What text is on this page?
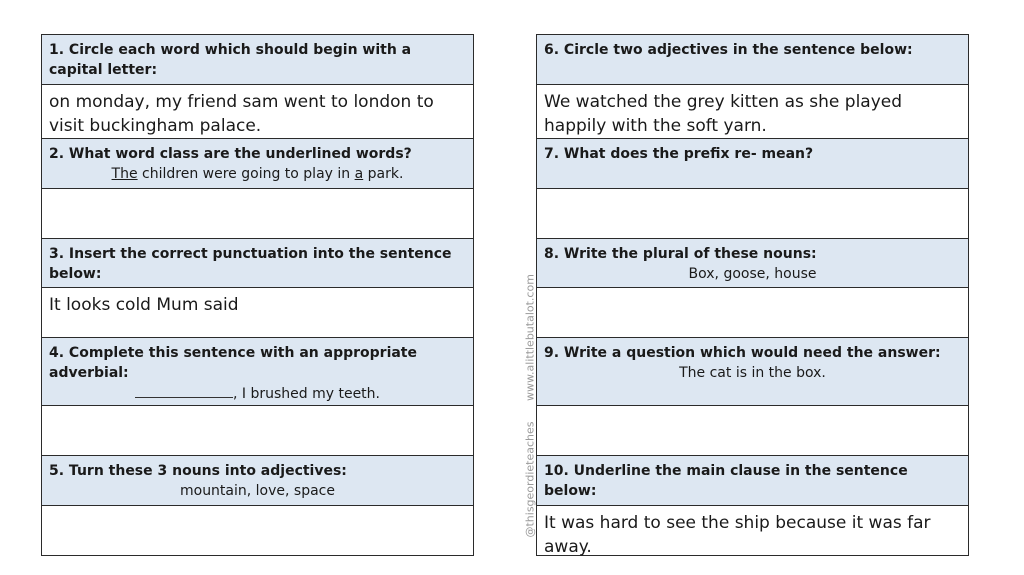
1. Circle each word which should begin with a capital letter:
on monday, my friend sam went to london to visit buckingham palace.
2. What word class are the underlined words?
The children were going to play in a park.
3. Insert the correct punctuation into the sentence below:
It looks cold Mum said
4. Complete this sentence with an appropriate adverbial:
, I brushed my teeth.
5. Turn these 3 nouns into adjectives:
mountain, love, space
6. Circle two adjectives in the sentence below:
We watched the grey kitten as she played happily with the soft yarn.
7. What does the prefix re- mean?
8. Write the plural of these nouns:
Box, goose, house
9. Write a question which would need the answer:
The cat is in the box.
10. Underline the main clause in the sentence below:
It was hard to see the ship because it was far away.
www.alittlebutalot.com
@thisgeordieteaches
